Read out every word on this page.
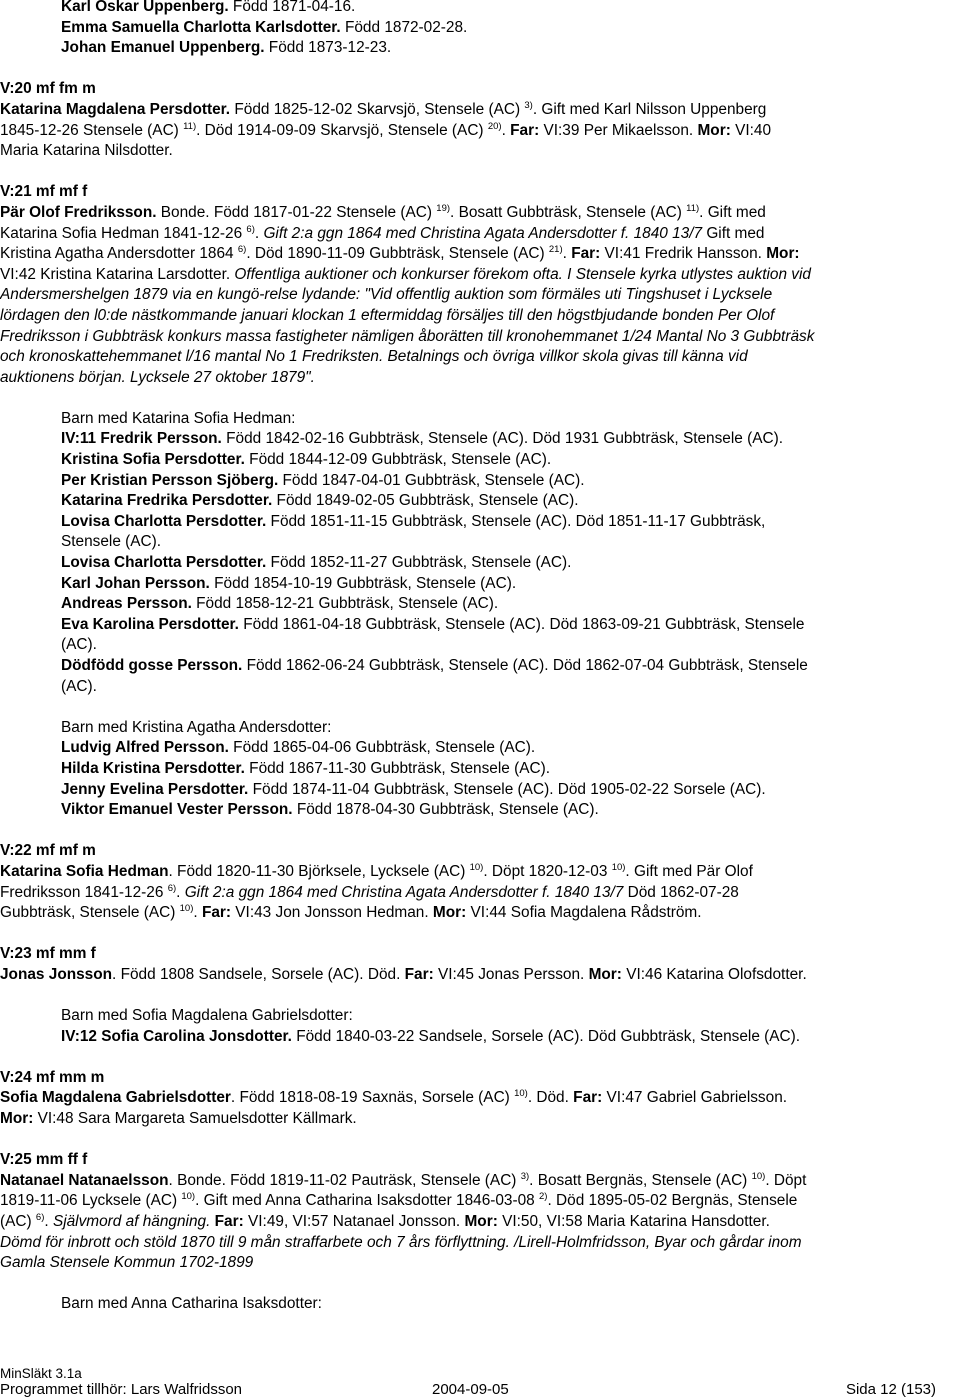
Karl Oskar Uppenberg. Född 1871-04-16.
Emma Samuella Charlotta Karlsdotter. Född 1872-02-28.
Johan Emanuel Uppenberg. Född 1873-12-23.
V:20 mf fm m
Katarina Magdalena Persdotter. Född 1825-12-02 Skarvsjö, Stensele (AC) $^{3)}$. Gift med Karl Nilsson Uppenberg
1845-12-26 Stensele (AC) $^{11)}$. Död 1914-09-09 Skarvsjö, Stensele (AC) $^{20)}$. Far: VI:39 Per Mikaelsson. Mor: VI:40
Maria Katarina Nilsdotter.
V:21 mf mf f
Pär Olof Fredriksson. Bonde. Född 1817-01-22 Stensele (AC) $^{19)}$. Bosatt Gubbträsk, Stensele (AC) $^{11)}$. Gift med
Katarina Sofia Hedman 1841-12-26 $^{6)}$. Gift 2:a ggn 1864 med Christina Agata Andersdotter f. 1840 13/7 Gift med
Kristina Agatha Andersdotter 1864 $^{6)}$. Död 1890-11-09 Gubbträsk, Stensele (AC) $^{21)}$. Far: VI:41 Fredrik Hansson. Mor:
VI:42 Kristina Katarina Larsdotter. Offentliga auktioner och konkurser förekom ofta. I Stensele kyrka utlystes auktion vid
Andersmershelgen 1879 via en kungö-relse lydande: "Vid offentlig auktion som förmäles uti Tingshuset i Lycksele
lördagen den l0:de nästkommande januari klockan 1 eftermiddag försäljes till den högstbjudande bonden Per Olof
Fredriksson i Gubbträsk konkurs massa fastigheter nämligen åborätten till kronohemmanet 1/24 Mantal No 3 Gubbträsk
och kronoskattehemmanet l/16 mantal No 1 Fredriksten. Betalnings och övriga villkor skola givas till känna vid
auktionens början. Lycksele 27 oktober 1879".
Barn med Katarina Sofia Hedman:
IV:11 Fredrik Persson. Född 1842-02-16 Gubbträsk, Stensele (AC). Död 1931 Gubbträsk, Stensele (AC).
Kristina Sofia Persdotter. Född 1844-12-09 Gubbträsk, Stensele (AC).
Per Kristian Persson Sjöberg. Född 1847-04-01 Gubbträsk, Stensele (AC).
Katarina Fredrika Persdotter. Född 1849-02-05 Gubbträsk, Stensele (AC).
Lovisa Charlotta Persdotter. Född 1851-11-15 Gubbträsk, Stensele (AC). Död 1851-11-17 Gubbträsk,
Stensele (AC).
Lovisa Charlotta Persdotter. Född 1852-11-27 Gubbträsk, Stensele (AC).
Karl Johan Persson. Född 1854-10-19 Gubbträsk, Stensele (AC).
Andreas Persson. Född 1858-12-21 Gubbträsk, Stensele (AC).
Eva Karolina Persdotter. Född 1861-04-18 Gubbträsk, Stensele (AC). Död 1863-09-21 Gubbträsk, Stensele
(AC).
Dödfödd gosse Persson. Född 1862-06-24 Gubbträsk, Stensele (AC). Död 1862-07-04 Gubbträsk, Stensele
(AC).
Barn med Kristina Agatha Andersdotter:
Ludvig Alfred Persson. Född 1865-04-06 Gubbträsk, Stensele (AC).
Hilda Kristina Persdotter. Född 1867-11-30 Gubbträsk, Stensele (AC).
Jenny Evelina Persdotter. Född 1874-11-04 Gubbträsk, Stensele (AC). Död 1905-02-22 Sorsele (AC).
Viktor Emanuel Vester Persson. Född 1878-04-30 Gubbträsk, Stensele (AC).
V:22 mf mf m
Katarina Sofia Hedman. Född 1820-11-30 Björksele, Lycksele (AC) $^{10)}$. Döpt 1820-12-03 $^{10)}$. Gift med Pär Olof
Fredriksson 1841-12-26 $^{6)}$. Gift 2:a ggn 1864 med Christina Agata Andersdotter f. 1840 13/7 Död 1862-07-28
Gubbträsk, Stensele (AC) $^{10)}$. Far: VI:43 Jon Jonsson Hedman. Mor: VI:44 Sofia Magdalena Rådström.
V:23 mf mm f
Jonas Jonsson. Född 1808 Sandsele, Sorsele (AC). Död. Far: VI:45 Jonas Persson. Mor: VI:46 Katarina Olofsdotter.
Barn med Sofia Magdalena Gabrielsdotter:
IV:12 Sofia Carolina Jonsdotter. Född 1840-03-22 Sandsele, Sorsele (AC). Död Gubbträsk, Stensele (AC).
V:24 mf mm m
Sofia Magdalena Gabrielsdotter. Född 1818-08-19 Saxnäs, Sorsele (AC) $^{10)}$. Död. Far: VI:47 Gabriel Gabrielsson.
Mor: VI:48 Sara Margareta Samuelsdotter Källmark.
V:25 mm ff f
Natanael Natanaelsson. Bonde. Född 1819-11-02 Pauträsk, Stensele (AC) $^{3)}$. Bosatt Bergnäs, Stensele (AC) $^{10)}$. Döpt
1819-11-06 Lycksele (AC) $^{10)}$. Gift med Anna Catharina Isaksdotter 1846-03-08 $^{2)}$. Död 1895-05-02 Bergnäs, Stensele
(AC) $^{6)}$. Självmord af hängning. Far: VI:49, VI:57 Natanael Jonsson. Mor: VI:50, VI:58 Maria Katarina Hansdotter.
Dömd för inbrott och stöld 1870 till 9 mån straffarbete och 7 års förflyttning. /Lirell-Holmfridsson, Byar och gårdar inom
Gamla Stensele Kommun 1702-1899
Barn med Anna Catharina Isaksdotter:
MinSläkt 3.1a
Programmet tillhör: Lars Walfridsson	2004-09-05	Sida 12 (153)
